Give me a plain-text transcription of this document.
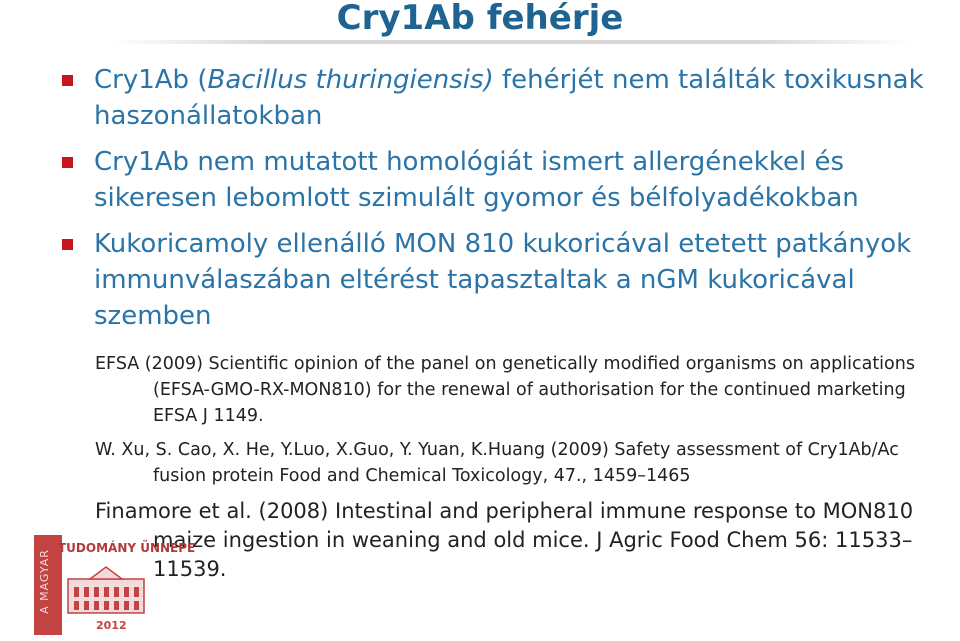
Cry1Ab fehérje
Cry1Ab (Bacillus thuringiensis) fehérjét nem találták toxikusnak haszonállatokban
Cry1Ab nem mutatott homológiát ismert allergénekkel és sikeresen lebomlott szimulált gyomor és bélfolyadékokban
Kukoricamoly ellenálló MON 810 kukoricával etetett patkányok immunválaszában eltérést tapasztaltak a nGM kukoricával szemben

EFSA (2009) Scientific opinion of the panel on genetically modified organisms on applications (EFSA-GMO-RX-MON810) for the renewal of authorisation for the continued marketing EFSA J 1149.

W. Xu, S. Cao, X. He, Y.Luo, X.Guo, Y. Yuan, K.Huang (2009) Safety assessment of Cry1Ab/Ac fusion protein Food and Chemical Toxicology, 47., 1459–1465

Finamore et al. (2008) Intestinal and peripheral immune response to MON810 maize ingestion in weaning and old mice. J Agric Food Chem 56: 11533–11539.

A MAGYAR
TUDOMÁNY ÜNNEPE
2012
